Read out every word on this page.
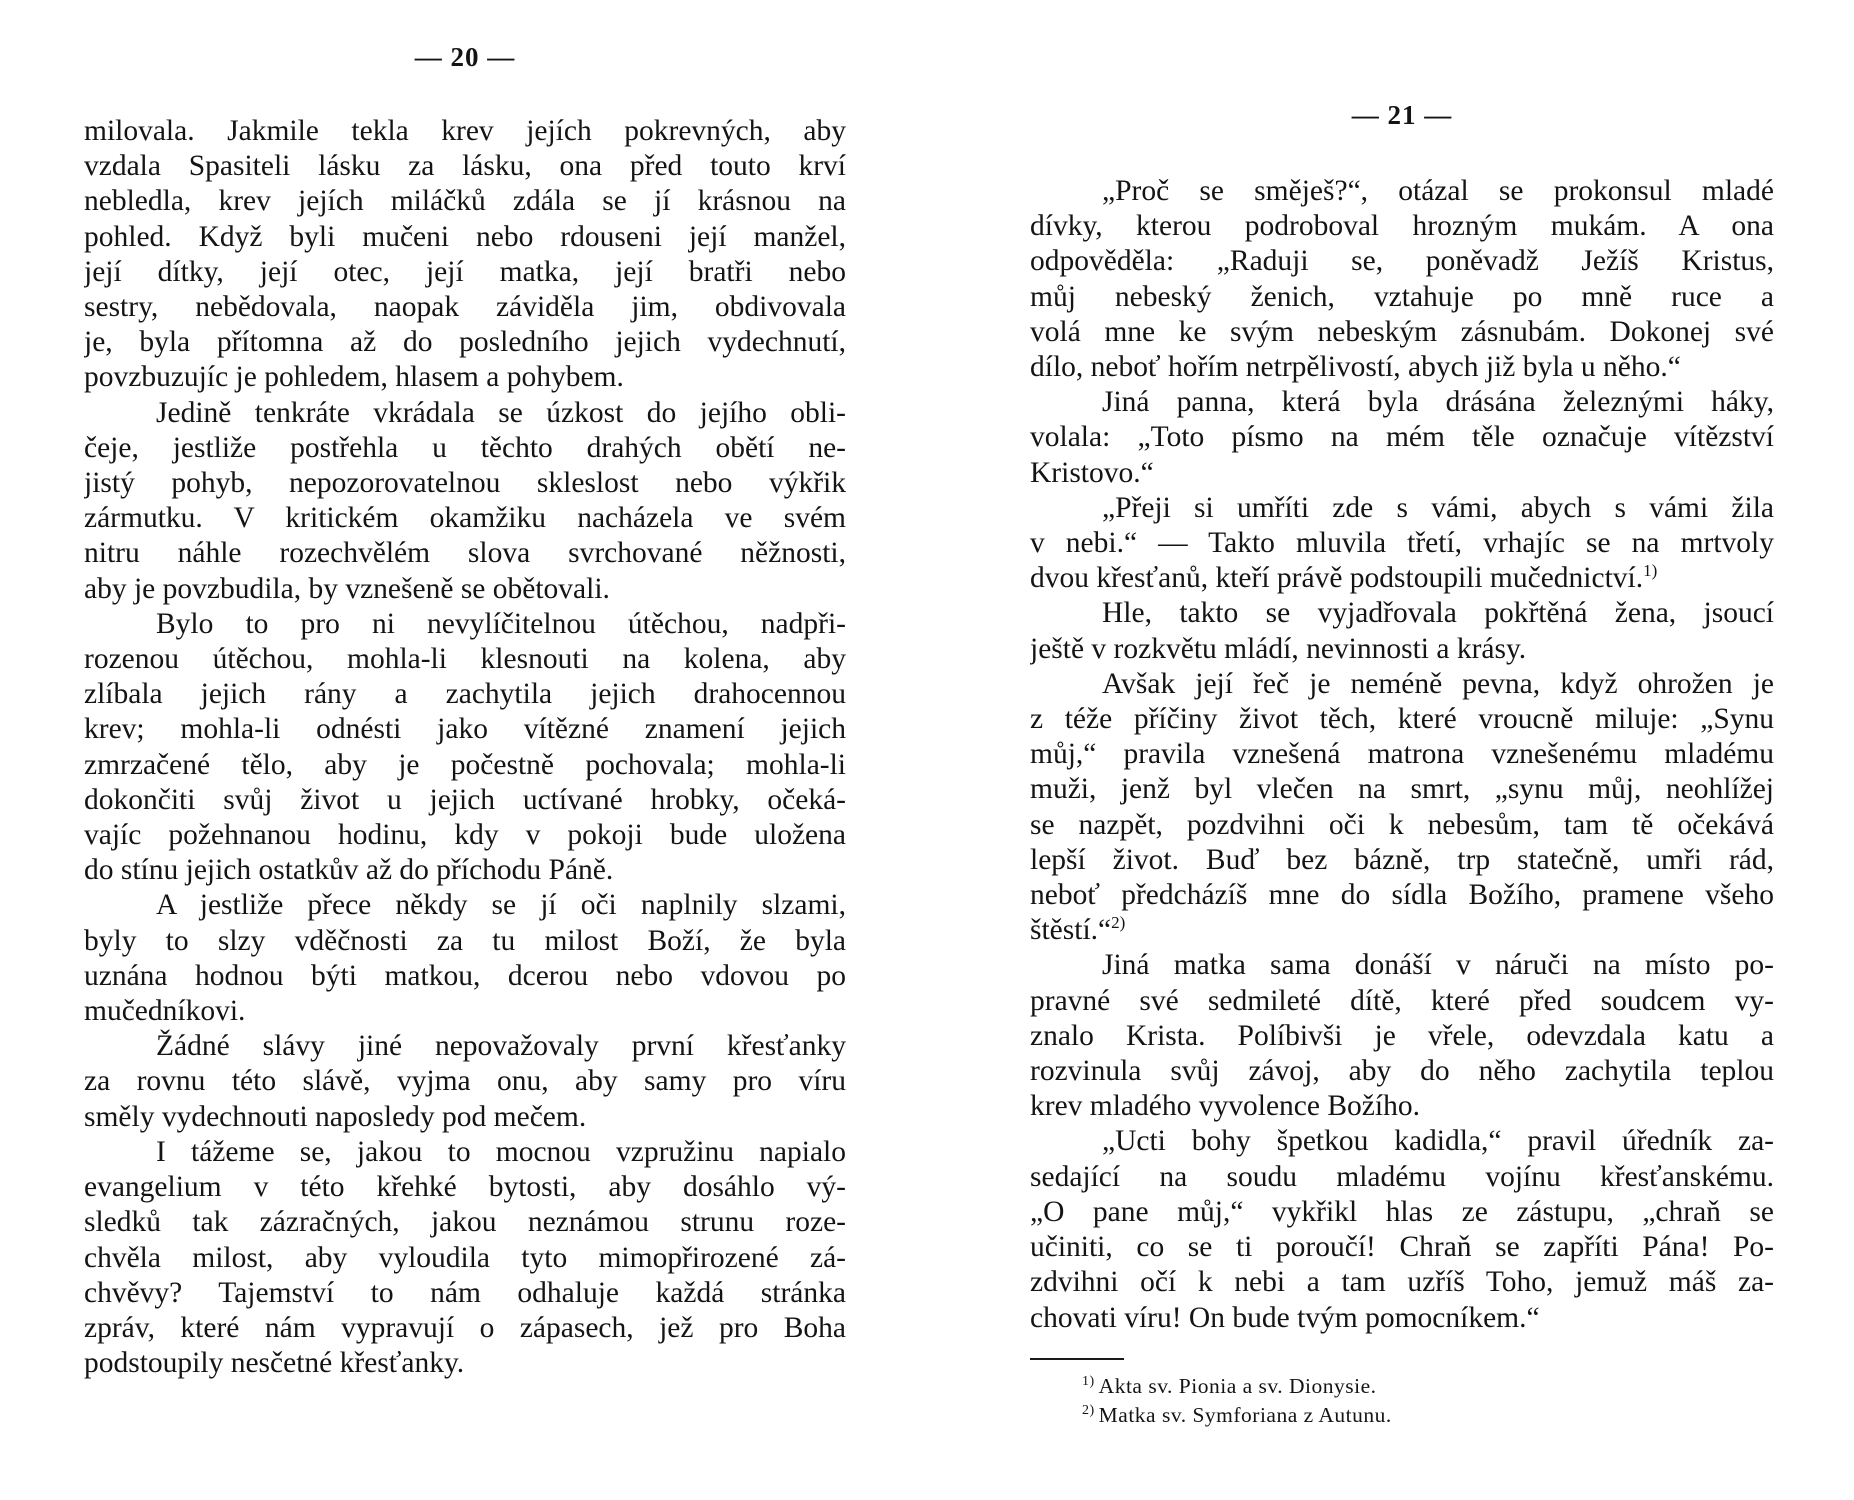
— 20 —
milovala. Jakmile tekla krev jejích pokrevných, aby
vzdala Spasiteli lásku za lásku, ona před touto krví
nebledla, krev jejích miláčků zdála se jí krásnou na
pohled. Když byli mučeni nebo rdouseni její manžel,
její dítky, její otec, její matka, její bratři nebo
sestry, nebědovala, naopak záviděla jim, obdivovala
je, byla přítomna až do posledního jejich vydechnutí,
povzbuzujíc je pohledem, hlasem a pohybem.
Jedině tenkráte vkrádala se úzkost do jejího obli-
čeje, jestliže postřehla u těchto drahých obětí ne-
jistý pohyb, nepozorovatelnou skleslost nebo výkřik
zármutku. V kritickém okamžiku nacházela ve svém
nitru náhle rozechvělém slova svrchované něžnosti,
aby je povzbudila, by vznešeně se obětovali.
Bylo to pro ni nevylíčitelnou útěchou, nadpři-
rozenou útěchou, mohla-li klesnouti na kolena, aby
zlíbala jejich rány a zachytila jejich drahocennou
krev; mohla-li odnésti jako vítězné znamení jejich
zmrzačené tělo, aby je počestně pochovala; mohla-li
dokončiti svůj život u jejich uctívané hrobky, očeká-
vajíc požehnanou hodinu, kdy v pokoji bude uložena
do stínu jejich ostatkův až do příchodu Páně.
A jestliže přece někdy se jí oči naplnily slzami,
byly to slzy vděčnosti za tu milost Boží, že byla
uznána hodnou býti matkou, dcerou nebo vdovou po
mučedníkovi.
Žádné slávy jiné nepovažovaly první křesťanky
za rovnu této slávě, vyjma onu, aby samy pro víru
směly vydechnouti naposledy pod mečem.
I tážeme se, jakou to mocnou vzpružinu napialo
evangelium v této křehké bytosti, aby dosáhlo vý-
sledků tak zázračných, jakou neznámou strunu roze-
chvěla milost, aby vyloudila tyto mimopřirozené zá-
chvěvy? Tajemství to nám odhaluje každá stránka
zpráv, které nám vypravují o zápasech, jež pro Boha
podstoupily nesčetné křesťanky.
— 21 —
„Proč se směješ?“, otázal se prokonsul mladé
dívky, kterou podroboval hrozným mukám. A ona
odpověděla: „Raduji se, poněvadž Ježíš Kristus,
můj nebeský ženich, vztahuje po mně ruce a
volá mne ke svým nebeským zásnubám. Dokonej své
dílo, neboť hořím netrpělivostí, abych již byla u něho.“
Jiná panna, která byla drásána železnými háky,
volala: „Toto písmo na mém těle označuje vítězství
Kristovo.“
„Přeji si umříti zde s vámi, abych s vámi žila
v nebi.“ — Takto mluvila třetí, vrhajíc se na mrtvoly
dvou křesťanů, kteří právě podstoupili mučednictví.$^{1)}$
Hle, takto se vyjadřovala pokřtěná žena, jsoucí
ještě v rozkvětu mládí, nevinnosti a krásy.
Avšak její řeč je neméně pevna, když ohrožen je
z téže příčiny život těch, které vroucně miluje: „Synu
můj,“ pravila vznešená matrona vznešenému mladému
muži, jenž byl vlečen na smrt, „synu můj, neohlížej
se nazpět, pozdvihni oči k nebesům, tam tě očekává
lepší život. Buď bez bázně, trp statečně, umři rád,
neboť předcházíš mne do sídla Božího, pramene všeho
štěstí.“$^{2)}$
Jiná matka sama donáší v náruči na místo po-
pravné své sedmileté dítě, které před soudcem vy-
znalo Krista. Políbivši je vřele, odevzdala katu a
rozvinula svůj závoj, aby do něho zachytila teplou
krev mladého vyvolence Božího.
„Ucti bohy špetkou kadidla,“ pravil úředník za-
sedající na soudu mladému vojínu křesťanskému.
„O pane můj,“ vykřikl hlas ze zástupu, „chraň se
učiniti, co se ti poroučí! Chraň se zapříti Pána! Po-
zdvihni očí k nebi a tam uzříš Toho, jemuž máš za-
chovati víru! On bude tvým pomocníkem.“
$^{1)}$ Akta sv. Pionia a sv. Dionysie.
$^{2)}$ Matka sv. Symforiana z Autunu.
